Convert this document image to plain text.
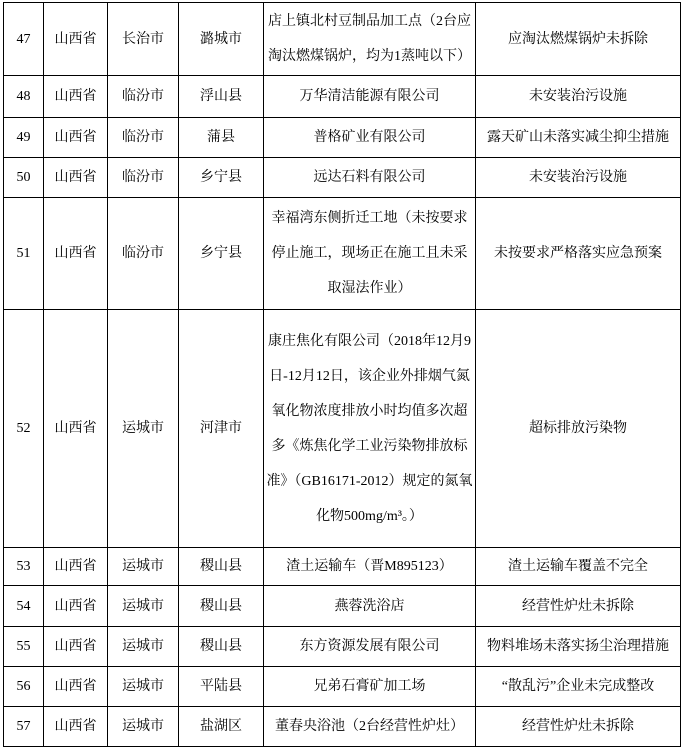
47	山西省	长治市	潞城市	店上镇北村豆制品加工点（2台应淘汰燃煤锅炉，均为1蒸吨以下）	应淘汰燃煤锅炉未拆除
48	山西省	临汾市	浮山县	万华清洁能源有限公司	未安装治污设施
49	山西省	临汾市	蒲县	普格矿业有限公司	露天矿山未落实减尘抑尘措施
50	山西省	临汾市	乡宁县	远达石料有限公司	未安装治污设施
51	山西省	临汾市	乡宁县	幸福湾东侧折迁工地（未按要求停止施工，现场正在施工且未采取湿法作业）	未按要求严格落实应急预案
52	山西省	运城市	河津市	康庄焦化有限公司（2018年12月9日-12月12日，该企业外排烟气氮氧化物浓度排放小时均值多次超多《炼焦化学工业污染物排放标准》（GB16171-2012）规定的氮氧化物500mg/m³。）	超标排放污染物
53	山西省	运城市	稷山县	渣土运输车（晋M895123）	渣土运输车覆盖不完全
54	山西省	运城市	稷山县	燕蓉洗浴店	经营性炉灶未拆除
55	山西省	运城市	稷山县	东方资源发展有限公司	物料堆场未落实扬尘治理措施
56	山西省	运城市	平陆县	兄弟石膏矿加工场	“散乱污”企业未完成整改
57	山西省	运城市	盐湖区	董春央浴池（2台经营性炉灶）	经营性炉灶未拆除
